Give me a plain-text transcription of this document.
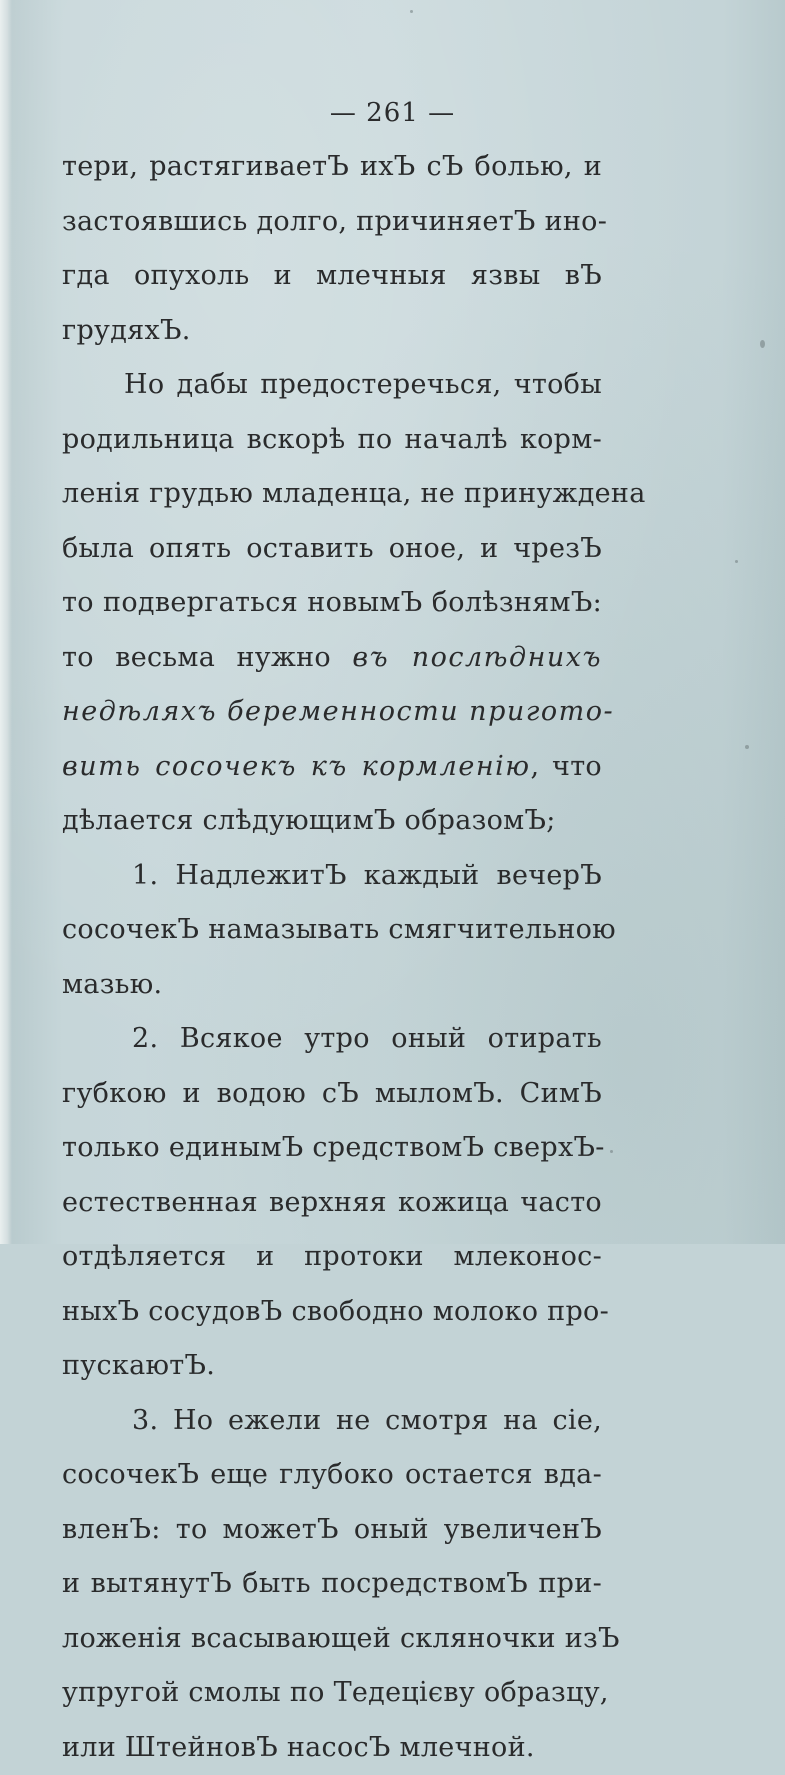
— 261 —
тери, растягиваетЪ ихЪ сЪ болью, и
застоявшись долго, причиняетЪ ино-
гда опухоль и млечныя язвы вЪ
грудяхЪ.
Но дабы предостеречься, чтобы
родильница вскорѣ по началѣ корм-
ленія грудью младенца, не принуждена
была опять оставить оное, и чрезЪ
то подвергаться новымЪ болѣзнямЪ:
то весьма нужно въ послѣднихъ
недѣляхъ беременности пригото-
вить сосочекъ къ кормленію, что
дѣлается слѣдующимЪ образомЪ;
1. НадлежитЪ каждый вечерЪ
сосочекЪ намазывать смягчительною
мазью.
2. Всякое утро оный отирать
губкою и водою сЪ мыломЪ. СимЪ
только единымЪ средствомЪ сверхЪ-
естественная верхняя кожица часто
отдѣляется и протоки млеконос-
ныхЪ сосудовЪ свободно молоко про-
пускаютЪ.
3. Но ежели не смотря на сіе,
сосочекЪ еще глубоко остается вда-
вленЪ: то можетЪ оный увеличенЪ
и вытянутЪ быть посредствомЪ при-
ложенія всасывающей скляночки изЪ
упругой смолы по Тедецієву образцу,
или ШтейновЪ насосЪ млечной.
